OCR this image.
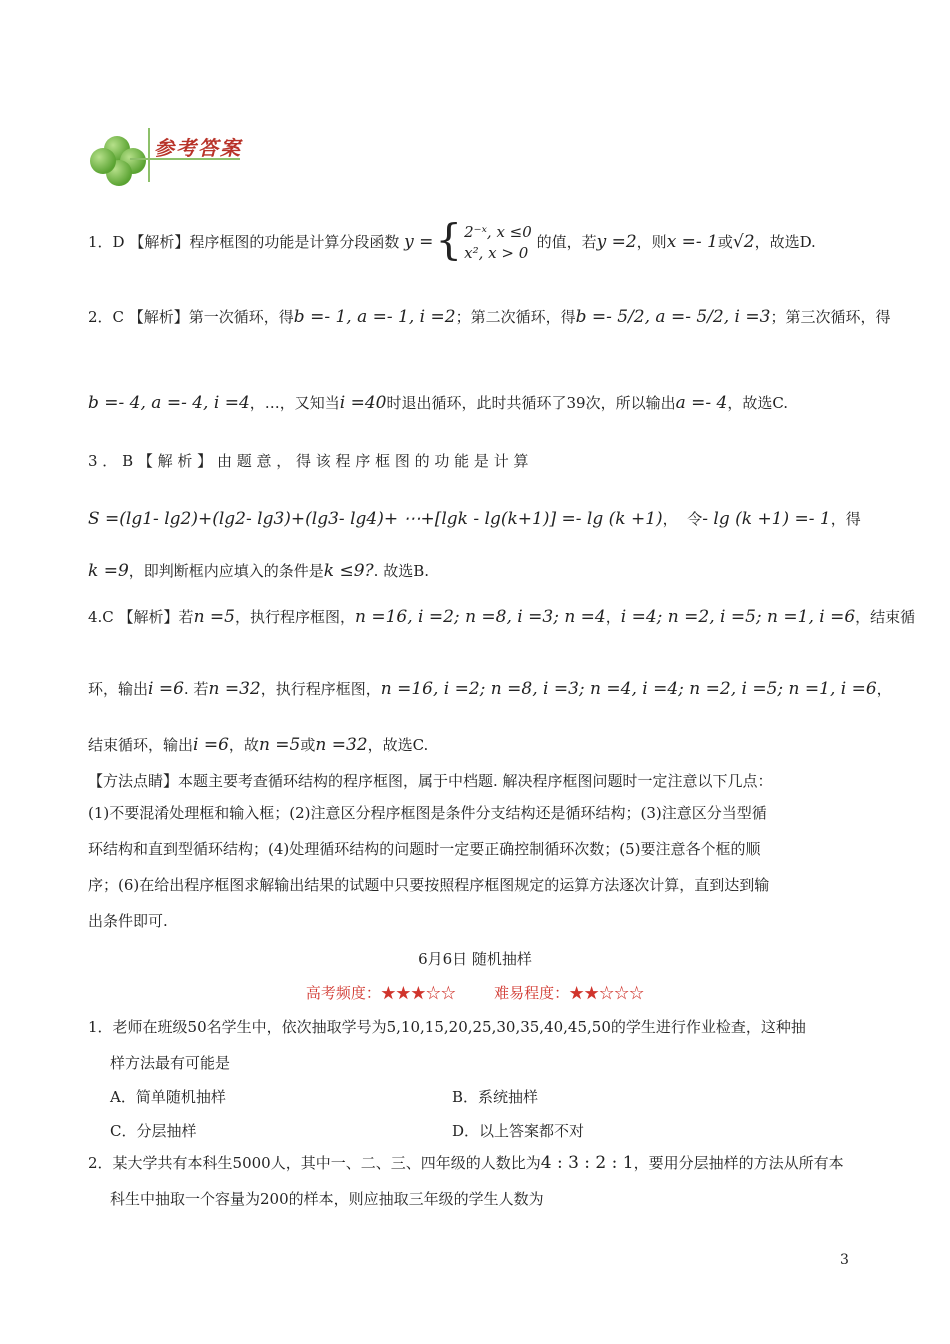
参考答案
1．D 【解析】程序框图的功能是计算分段函数 y ={ 2⁻ˣ, x ≤0
x², x > 0 的值，若y =2，则x =- 1或√2，故选D.
2．C 【解析】第一次循环，得b =- 1, a =- 1, i =2；第二次循环，得b =- 5/2, a =- 5/2, i =3；第三次循环，得
b =- 4, a =- 4, i =4，…，又知当i =40时退出循环，此时共循环了39次，所以输出a =- 4，故选C.
3 ． B 【 解 析 】 由 题 意 ， 得 该 程 序 框 图 的 功 能 是 计 算
S =(lg1- lg2)+(lg2- lg3)+(lg3- lg4)+ ⋯+[lgk - lg(k+1)] =- lg (k +1)， 令- lg (k +1) =- 1，得
k =9，即判断框内应填入的条件是k ≤9?. 故选B.
4.C 【解析】若n =5，执行程序框图，n =16, i =2; n =8, i =3; n =4，i =4; n =2, i =5; n =1, i =6，结束循
环，输出i =6. 若n =32，执行程序框图，n =16, i =2; n =8, i =3; n =4, i =4; n =2, i =5; n =1, i =6，
结束循环，输出i =6，故n =5或n =32，故选C.
【方法点睛】本题主要考查循环结构的程序框图，属于中档题. 解决程序框图问题时一定注意以下几点：
(1)不要混淆处理框和输入框；(2)注意区分程序框图是条件分支结构还是循环结构；(3)注意区分当型循
环结构和直到型循环结构；(4)处理循环结构的问题时一定要正确控制循环次数；(5)要注意各个框的顺
序；(6)在给出程序框图求解输出结果的试题中只要按照程序框图规定的运算方法逐次计算，直到达到输
出条件即可.
6月6日 随机抽样
高考频度：★★★☆☆	难易程度：★★☆☆☆
1．老师在班级50名学生中，依次抽取学号为5,10,15,20,25,30,35,40,45,50的学生进行作业检查，这种抽
样方法最有可能是
A．简单随机抽样	B．系统抽样
C．分层抽样	D．以上答案都不对
2．某大学共有本科生5000人，其中一、二、三、四年级的人数比为4 : 3 : 2 : 1，要用分层抽样的方法从所有本
科生中抽取一个容量为200的样本，则应抽取三年级的学生人数为
3
